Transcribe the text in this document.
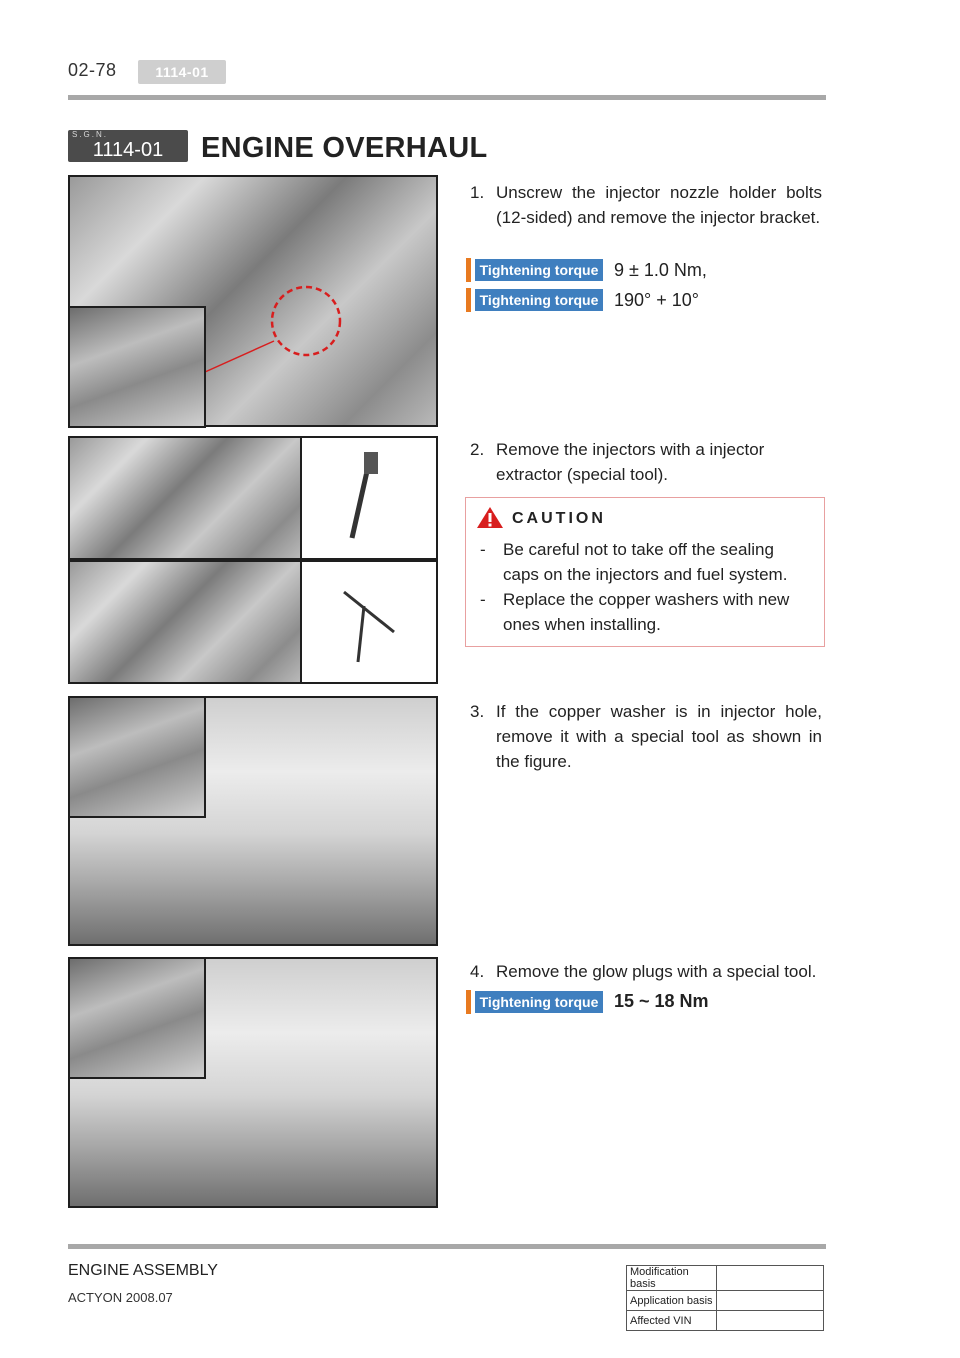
02-78	1114-01
S.G.N.
1114-01	ENGINE OVERHAUL
1. Unscrew the injector nozzle holder bolts (12-sided) and remove the injector bracket.
Tightening torque 9 ± 1.0 Nm,
Tightening torque 190° + 10°
2. Remove the injectors with a injector extractor (special tool).
CAUTION
- Be careful not to take off the sealing caps on the injectors and fuel system.
- Replace the copper washers with new ones when installing.
3. If the copper washer is in injector hole, remove it with a special tool as shown in the figure.
4. Remove the glow plugs with a special tool.
Tightening torque 15 ~ 18 Nm
ENGINE ASSEMBLY
ACTYON 2008.07
Modification basis	
Application basis	
Affected VIN	
